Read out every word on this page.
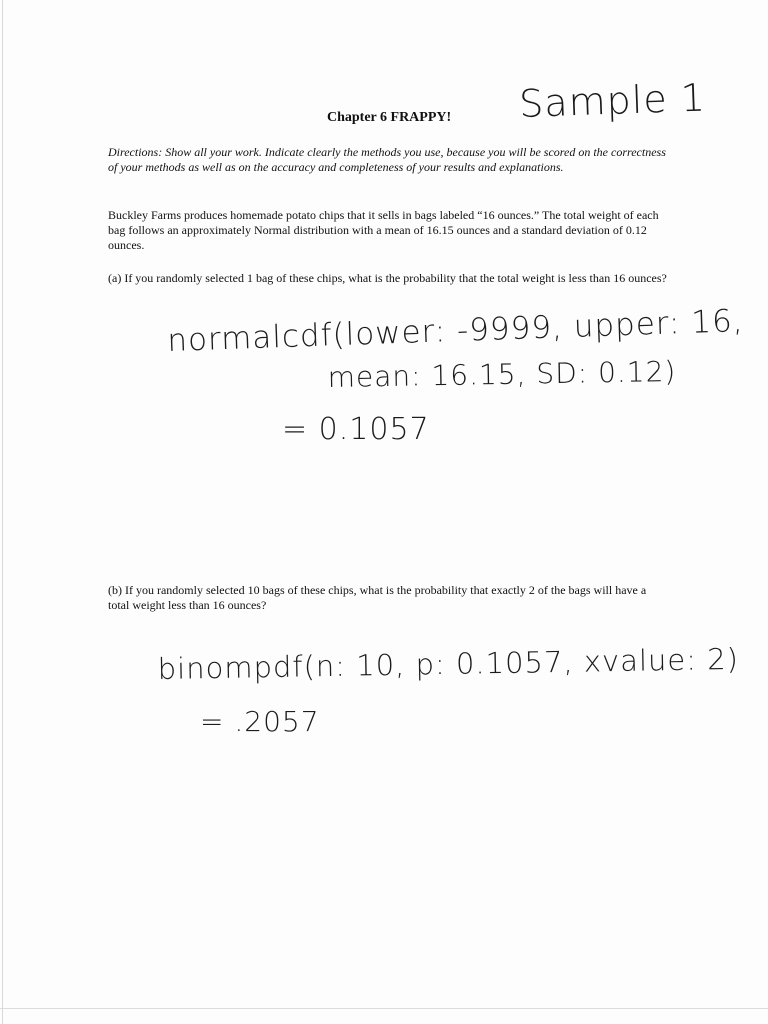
Chapter 6 FRAPPY! Sample 1
Directions: Show all your work. Indicate clearly the methods you use, because you will be scored on the correctness of your methods as well as on the accuracy and completeness of your results and explanations.
Buckley Farms produces homemade potato chips that it sells in bags labeled “16 ounces.” The total weight of each bag follows an approximately Normal distribution with a mean of 16.15 ounces and a standard deviation of 0.12 ounces.
(a) If you randomly selected 1 bag of these chips, what is the probability that the total weight is less than 16 ounces?
normalcdf(lower: -9999, upper: 16,
mean: 16.15, SD: 0.12)
= 0.1057
(b) If you randomly selected 10 bags of these chips, what is the probability that exactly 2 of the bags will have a total weight less than 16 ounces?
binompdf(n: 10, p: 0.1057, xvalue: 2)
= .2057
